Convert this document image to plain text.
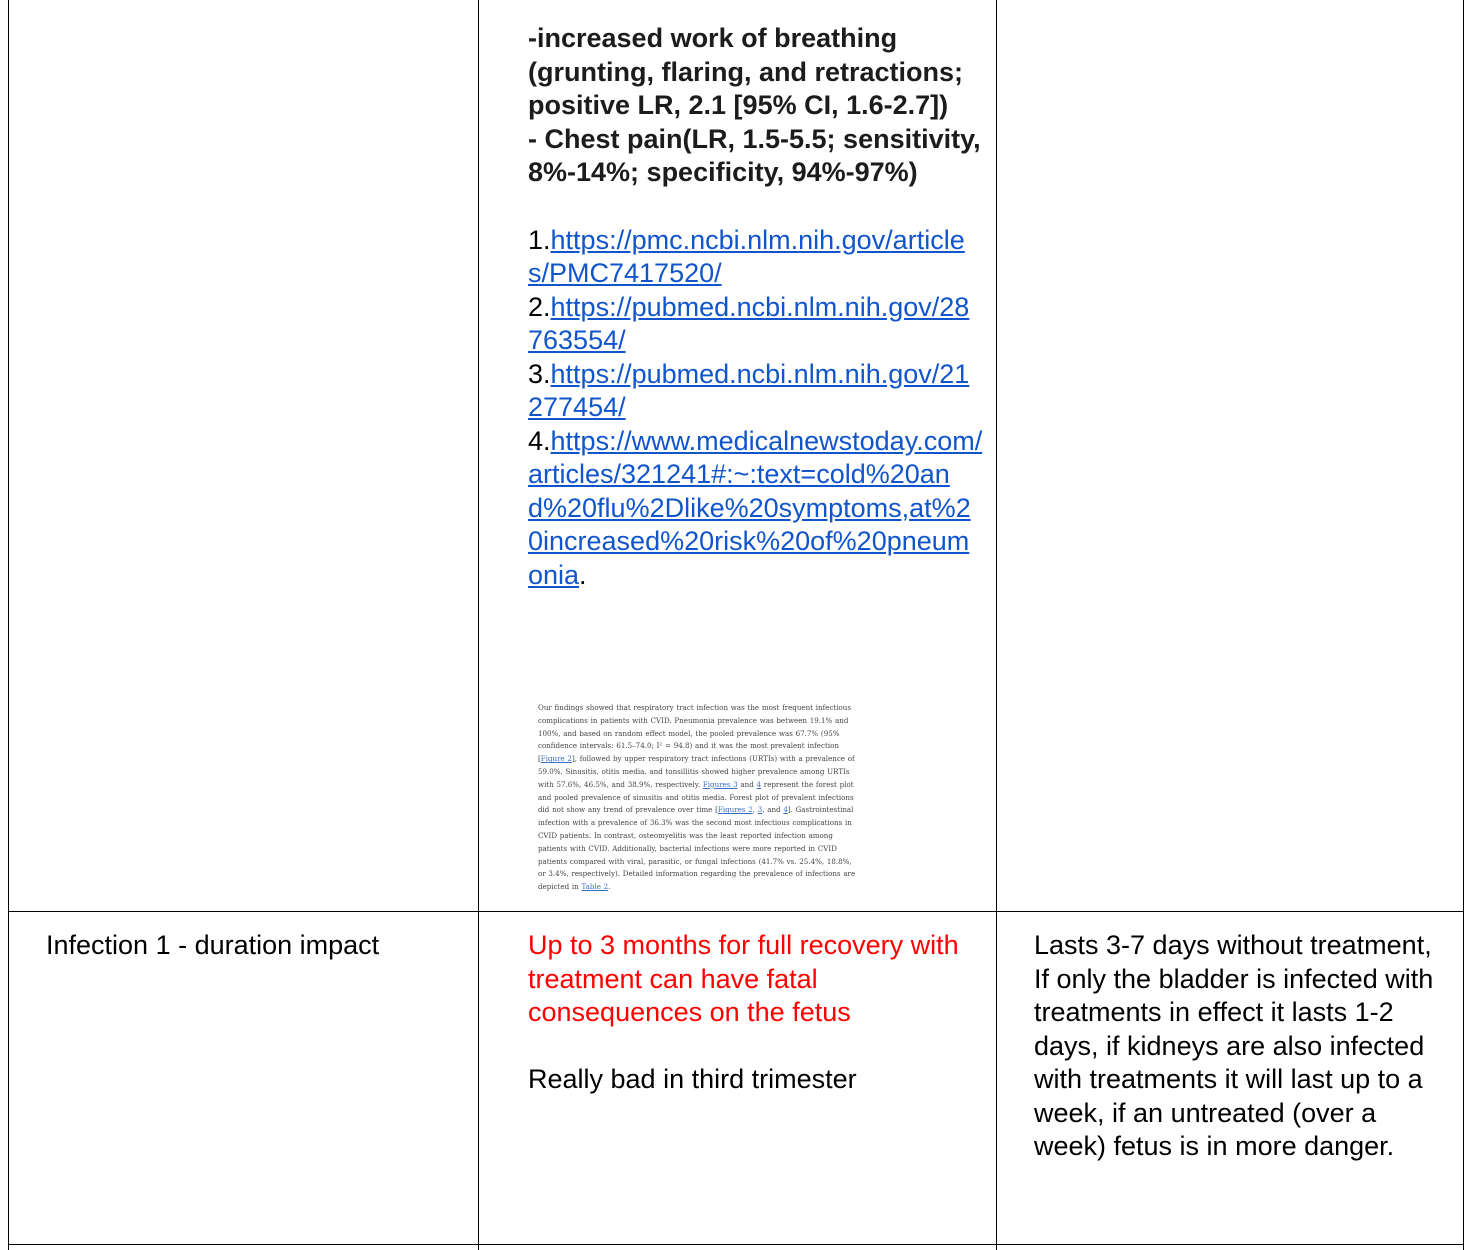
-increased work of breathing (grunting, flaring, and retractions; positive LR, 2.1 [95% CI, 1.6-2.7])
- Chest pain(LR, 1.5-5.5; sensitivity, 8%-14%; specificity, 94%-97%)
1.https://pmc.ncbi.nlm.nih.gov/articles/PMC7417520/
2.https://pubmed.ncbi.nlm.nih.gov/28763554/
3.https://pubmed.ncbi.nlm.nih.gov/21277454/
4.https://www.medicalnewstoday.com/articles/321241#:~:text=cold%20and%20flu%2Dlike%20symptoms,at%20increased%20risk%20of%20pneumonia.
Our findings showed that respiratory tract infection was the most frequent infectious complications in patients with CVID. Pneumonia prevalence was between 19.1% and 100%, and based on random effect model, the pooled prevalence was 67.7% (95% confidence intervals: 61.5–74.0; I² = 94.8) and it was the most prevalent infection [Figure 2], followed by upper respiratory tract infections (URTIs) with a prevalence of 59.0%. Sinusitis, otitis media, and tonsillitis showed higher prevalence among URTIs with 57.6%, 46.5%, and 38.9%, respectively. Figures 3 and 4 represent the forest plot and pooled prevalence of sinusitis and otitis media. Forest plot of prevalent infections did not show any trend of prevalence over time [Figures 2, 3, and 4]. Gastrointestinal infection with a prevalence of 36.3% was the second most infectious complications in CVID patients. In contrast, osteomyelitis was the least reported infection among patients with CVID. Additionally, bacterial infections were more reported in CVID patients compared with viral, parasitic, or fungal infections (41.7% vs. 25.4%, 18.8%, or 3.4%, respectively). Detailed information regarding the prevalence of infections are depicted in Table 2.
Infection 1 - duration impact	Up to 3 months for full recovery with treatment can have fatal consequences on the fetus
Really bad in third trimester
Lasts 3-7 days without treatment,
If only the bladder is infected with treatments in effect it lasts 1-2 days, if kidneys are also infected with treatments it will last up to a week, if an untreated (over a week) fetus is in more danger.
